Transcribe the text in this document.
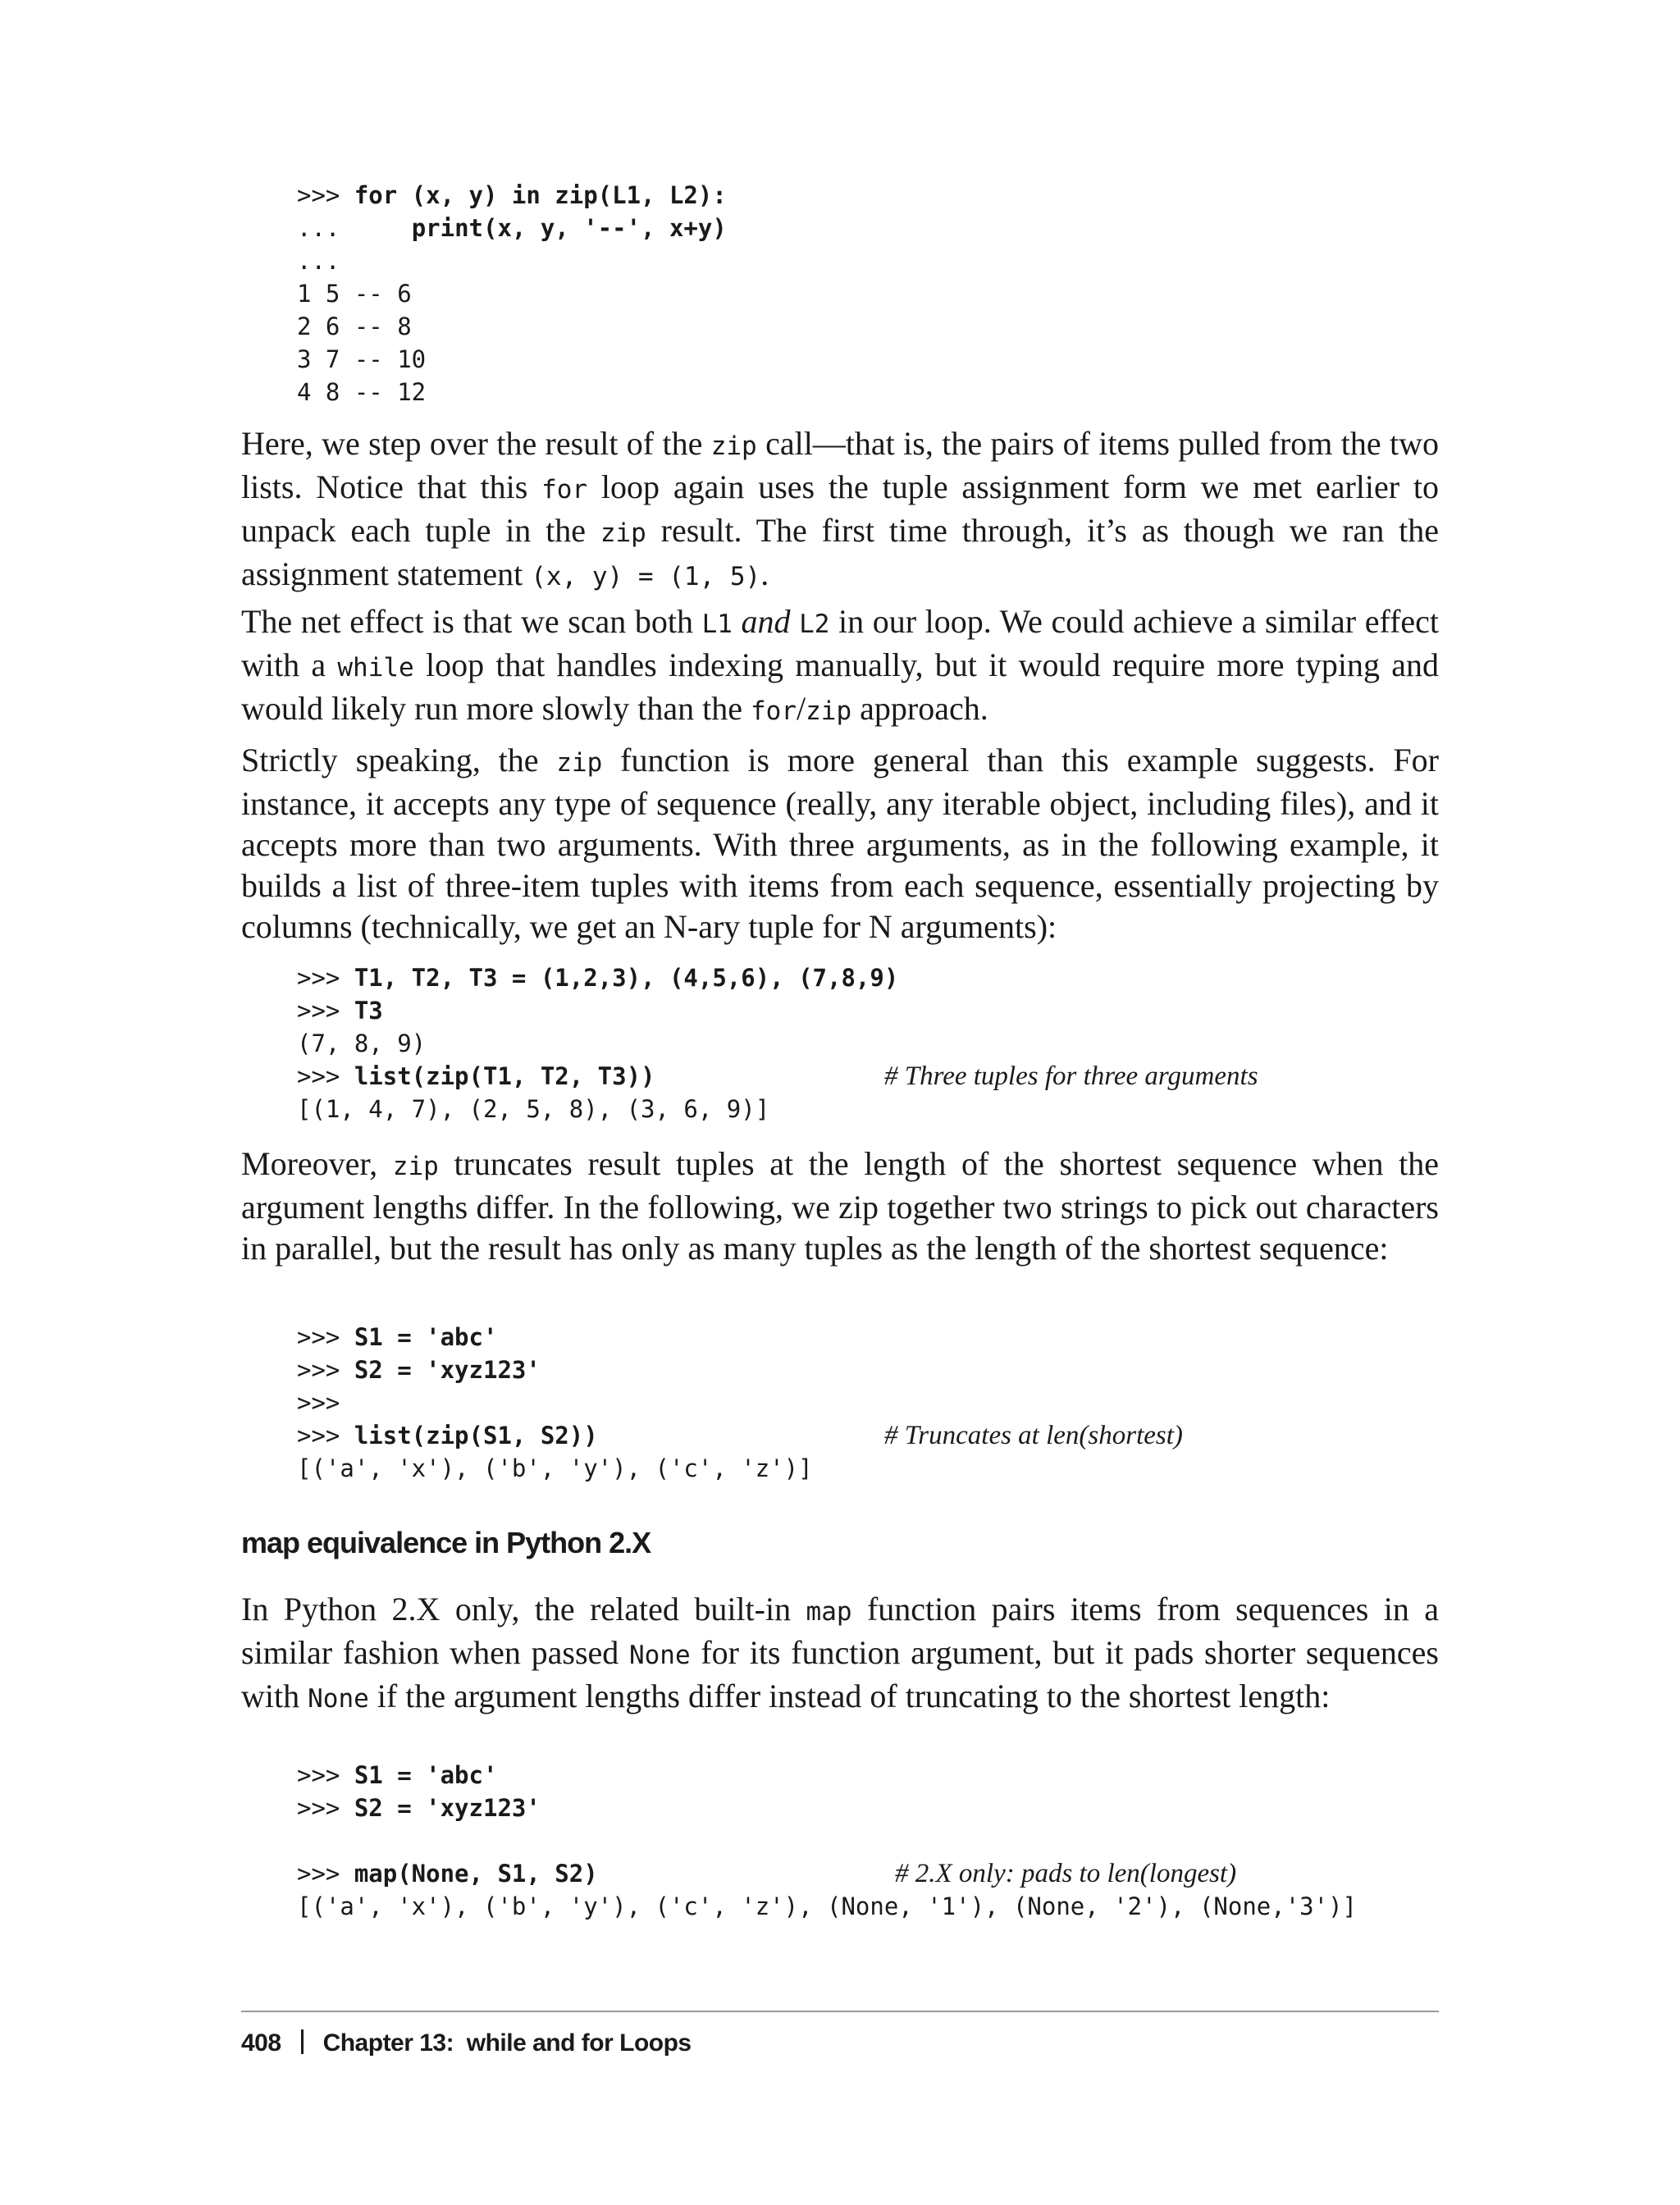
>>> for (x, y) in zip(L1, L2):
...     print(x, y, '--', x+y)
...
1 5 -- 6
2 6 -- 8
3 7 -- 10
4 8 -- 12

Here, we step over the result of the zip call—that is, the pairs of items pulled from the two lists. Notice that this for loop again uses the tuple assignment form we met earlier to unpack each tuple in the zip result. The first time through, it’s as though we ran the assignment statement (x, y) = (1, 5).

The net effect is that we scan both L1 and L2 in our loop. We could achieve a similar effect with a while loop that handles indexing manually, but it would require more typing and would likely run more slowly than the for/zip approach.

Strictly speaking, the zip function is more general than this example suggests. For instance, it accepts any type of sequence (really, any iterable object, including files), and it accepts more than two arguments. With three arguments, as in the following example, it builds a list of three-item tuples with items from each sequence, essentially projecting by columns (technically, we get an N-ary tuple for N arguments):

>>> T1, T2, T3 = (1,2,3), (4,5,6), (7,8,9)
>>> T3
(7, 8, 9)
>>> list(zip(T1, T2, T3))	# Three tuples for three arguments
[(1, 4, 7), (2, 5, 8), (3, 6, 9)]

Moreover, zip truncates result tuples at the length of the shortest sequence when the argument lengths differ. In the following, we zip together two strings to pick out characters in parallel, but the result has only as many tuples as the length of the shortest sequence:

>>> S1 = 'abc'
>>> S2 = 'xyz123'
>>>
>>> list(zip(S1, S2))	# Truncates at len(shortest)
[('a', 'x'), ('b', 'y'), ('c', 'z')]
map equivalence in Python 2.X

In Python 2.X only, the related built-in map function pairs items from sequences in a similar fashion when passed None for its function argument, but it pads shorter sequences with None if the argument lengths differ instead of truncating to the shortest length:

>>> S1 = 'abc'
>>> S2 = 'xyz123'
>>> map(None, S1, S2)	# 2.X only: pads to len(longest)
[('a', 'x'), ('b', 'y'), ('c', 'z'), (None, '1'), (None, '2'), (None,'3')]
408 Chapter 13:  while and for Loops
